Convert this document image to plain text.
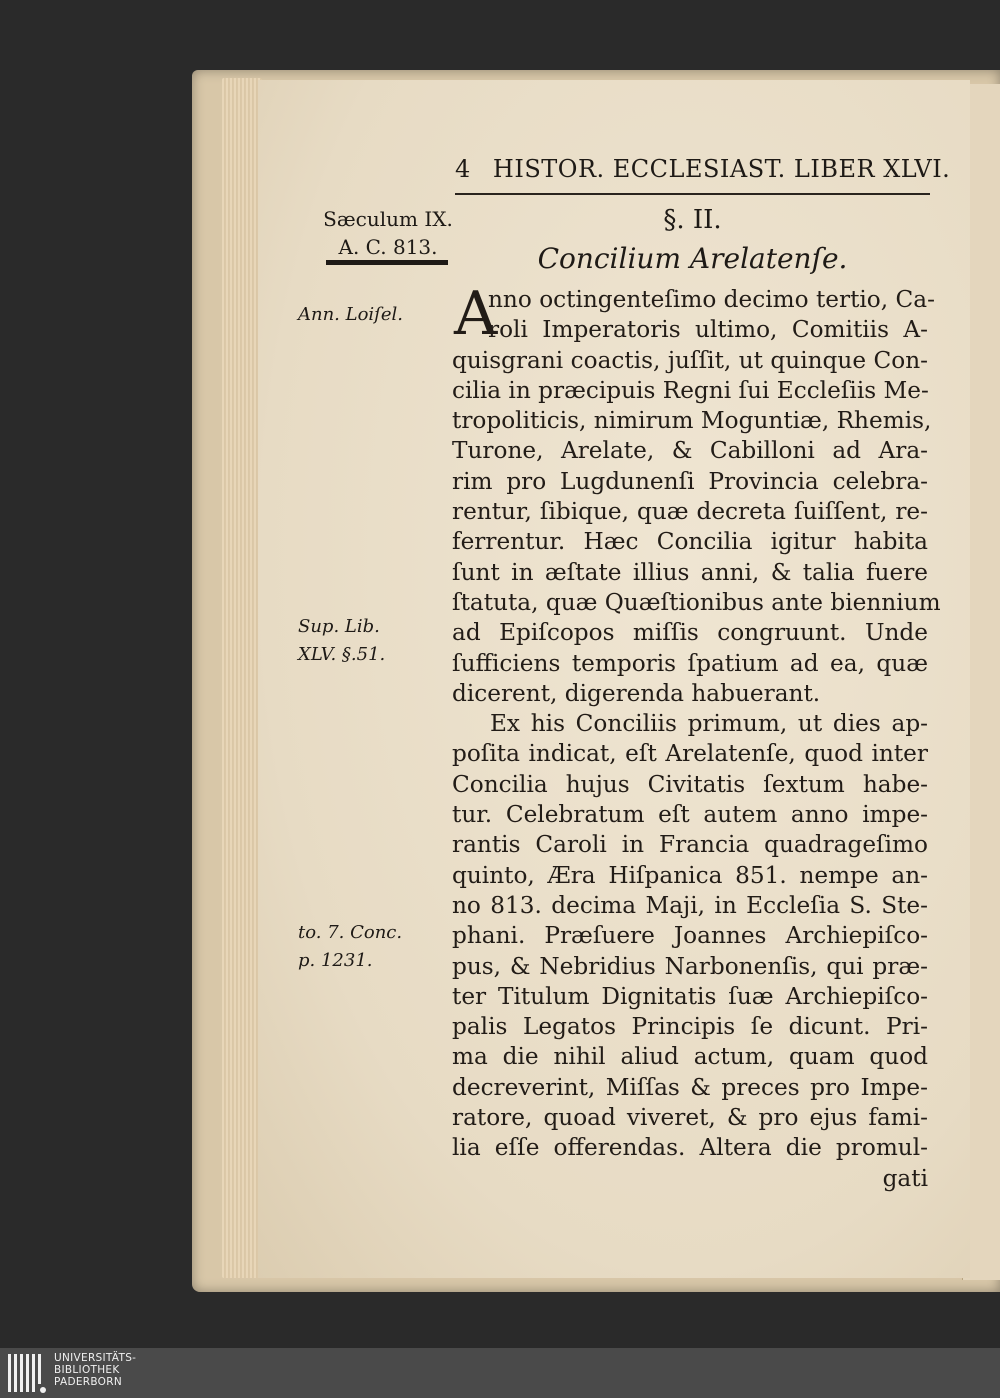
4 HISTOR. ECCLESIAST. LIBER XLVI.
Sæculum IX.
A. C. 813.
Ann. Loiſel.
Sup. Lib.
XLV. §.51.
to. 7. Conc.
p. 1231.
§. II.
Concilium Arelatenſe.
A
nno octingenteſimo decimo tertio, Ca-
roli Imperatoris ultimo, Comitiis A-
quisgrani coactis, juſſit, ut quinque Con-
cilia in præcipuis Regni ſui Eccleſiis Me-
tropoliticis, nimirum Moguntiæ, Rhemis,
Turone, Arelate, & Cabilloni ad Ara-
rim pro Lugdunenſi Provincia celebra-
rentur, ſibique, quæ decreta ſuiſſent, re-
ferrentur. Hæc Concilia igitur habita
ſunt in æſtate illius anni, & talia fuere
ſtatuta, quæ Quæſtionibus ante biennium
ad Epiſcopos miſſis congruunt. Unde
ſufficiens temporis ſpatium ad ea, quæ
dicerent, digerenda habuerant.
Ex his Conciliis primum, ut dies ap-
poſita indicat, eſt Arelatenſe, quod inter
Concilia hujus Civitatis ſextum habe-
tur. Celebratum eſt autem anno impe-
rantis Caroli in Francia quadrageſimo
quinto, Æra Hiſpanica 851. nempe an-
no 813. decima Maji, in Eccleſia S. Ste-
phani. Præſuere Joannes Archiepiſco-
pus, & Nebridius Narbonenſis, qui præ-
ter Titulum Dignitatis ſuæ Archiepiſco-
palis Legatos Principis ſe dicunt. Pri-
ma die nihil aliud actum, quam quod
decreverint, Miſſas & preces pro Impe-
ratore, quoad viveret, & pro ejus fami-
lia eſſe offerendas. Altera die promul-
gati
UNIVERSITÄTS-
BIBLIOTHEK
PADERBORN
